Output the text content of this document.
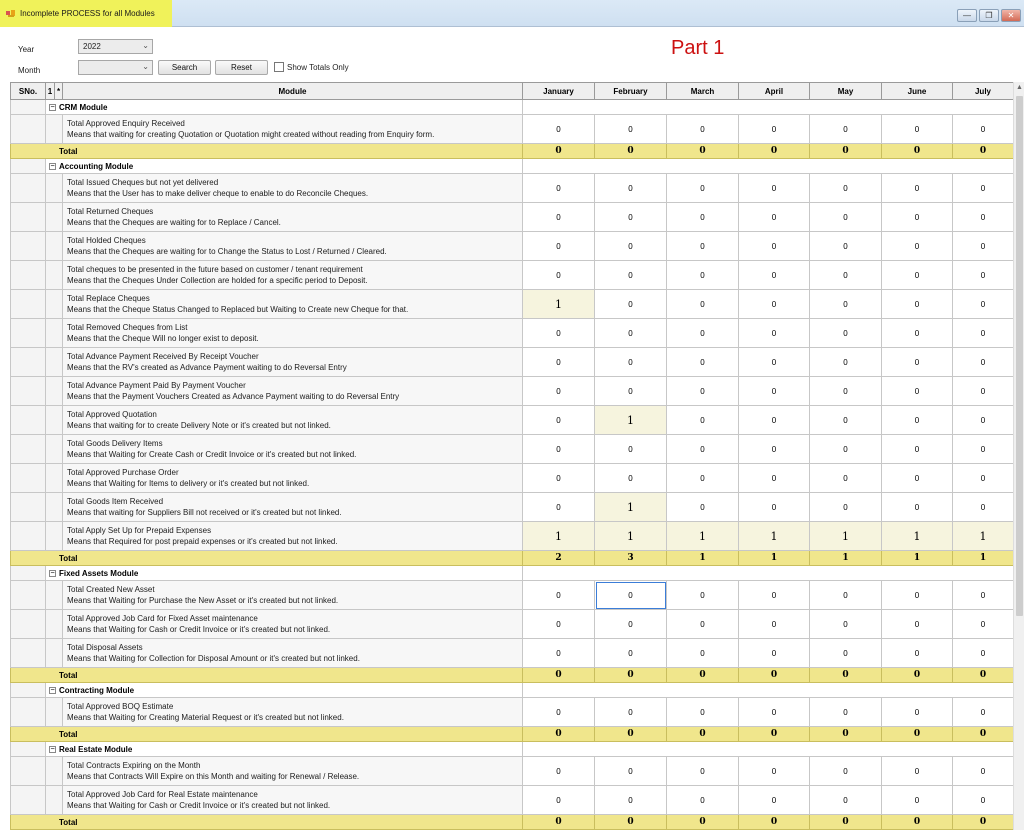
Incomplete PROCESS for all Modules	—	❐	✕
Year	2022	⌄
Month	⌄	Search	Reset	Show Totals Only
Part 1
SNo.	1	*	Module	January	February	March	April	May	June	July
	− CRM Module									

			Total Approved Enquiry Received
Means that waiting for creating Quotation or Quotation might created without reading from Enquiry form.	0	0	0	0	0	0	0
Total				0	0	0	0	0	0	0
	− Accounting Module									

			Total Issued Cheques but not yet delivered
Means that the User has to make deliver cheque to enable to do Reconcile Cheques.	0	0	0	0	0	0	0

			Total Returned Cheques
Means that the Cheques are waiting for to Replace / Cancel.	0	0	0	0	0	0	0

			Total Holded Cheques
Means that the Cheques are waiting for to Change the Status to Lost / Returned / Cleared.	0	0	0	0	0	0	0

			Total cheques to be presented in the future based on customer / tenant requirement
Means that the Cheques Under Collection are holded for a specific period to Deposit.	0	0	0	0	0	0	0

			Total Replace Cheques
Means that the Cheque Status Changed to Replaced but Waiting to Create new Cheque for that.	1	0	0	0	0	0	0

			Total Removed Cheques from List
Means that the Cheque Will no longer exist to deposit.	0	0	0	0	0	0	0

			Total Advance Payment Received By Receipt Voucher
Means that the RV's created as Advance Payment waiting to do Reversal Entry	0	0	0	0	0	0	0

			Total Advance Payment Paid By Payment Voucher
Means that the Payment Vouchers Created as Advance Payment waiting to do Reversal Entry	0	0	0	0	0	0	0

			Total Approved Quotation
Means that waiting for to create Delivery Note or it's created but not linked.	0	1	0	0	0	0	0

			Total Goods Delivery Items
Means that Waiting for Create Cash or Credit Invoice or it's created but not linked.	0	0	0	0	0	0	0

			Total Approved Purchase Order
Means that Waiting for Items to delivery or it's created but not linked.	0	0	0	0	0	0	0

			Total Goods Item Received
Means that waiting for Suppliers Bill not received or it's created but not linked.	0	1	0	0	0	0	0

			Total Apply Set Up for Prepaid Expenses
Means that Required for post prepaid expenses or it's created but not linked.	1	1	1	1	1	1	1
Total				2	3	1	1	1	1	1
	− Fixed Assets Module									

			Total Created New Asset
Means that Waiting for Purchase the New Asset or it's created but not linked.	0	0	0	0	0	0	0

			Total Approved Job Card for Fixed Asset maintenance
Means that Waiting for Cash or Credit Invoice or it's created but not linked.	0	0	0	0	0	0	0

			Total Disposal Assets
Means that Waiting for Collection for Disposal Amount or it's created but not linked.	0	0	0	0	0	0	0
Total				0	0	0	0	0	0	0
	− Contracting Module									

			Total Approved BOQ Estimate
Means that Waiting for Creating Material Request or it's created but not linked.	0	0	0	0	0	0	0
Total				0	0	0	0	0	0	0
	− Real Estate Module									

			Total Contracts Expiring on the Month
Means that Contracts Will Expire on this Month and waiting for Renewal / Release.	0	0	0	0	0	0	0

			Total Approved Job Card for Real Estate maintenance
Means that Waiting for Cash or Credit Invoice or it's created but not linked.	0	0	0	0	0	0	0
Total				0	0	0	0	0	0	0
▲
